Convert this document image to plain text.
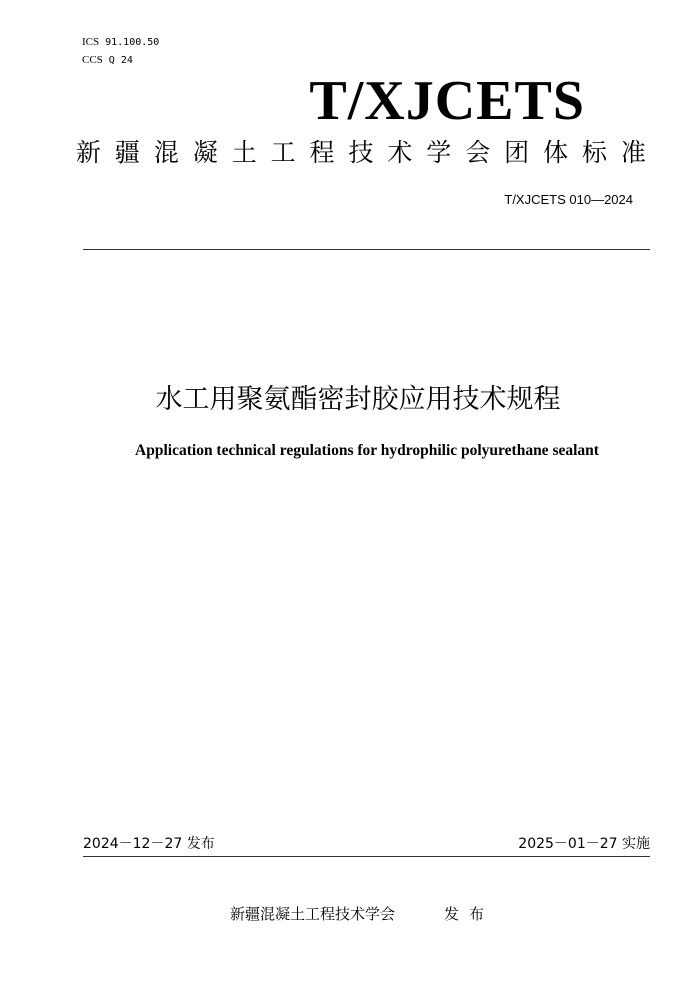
ICS 91.100.50
CCS Q 24
T/XJCETS
新 疆 混 凝 土 工 程 技 术 学 会 团 体 标 准
T/XJCETS 010—2024
水工用聚氨酯密封胶应用技术规程
Application technical regulations for hydrophilic polyurethane sealant
2024－12－27 发布	2025－01－27 实施
新疆混凝土工程技术学会	发布
